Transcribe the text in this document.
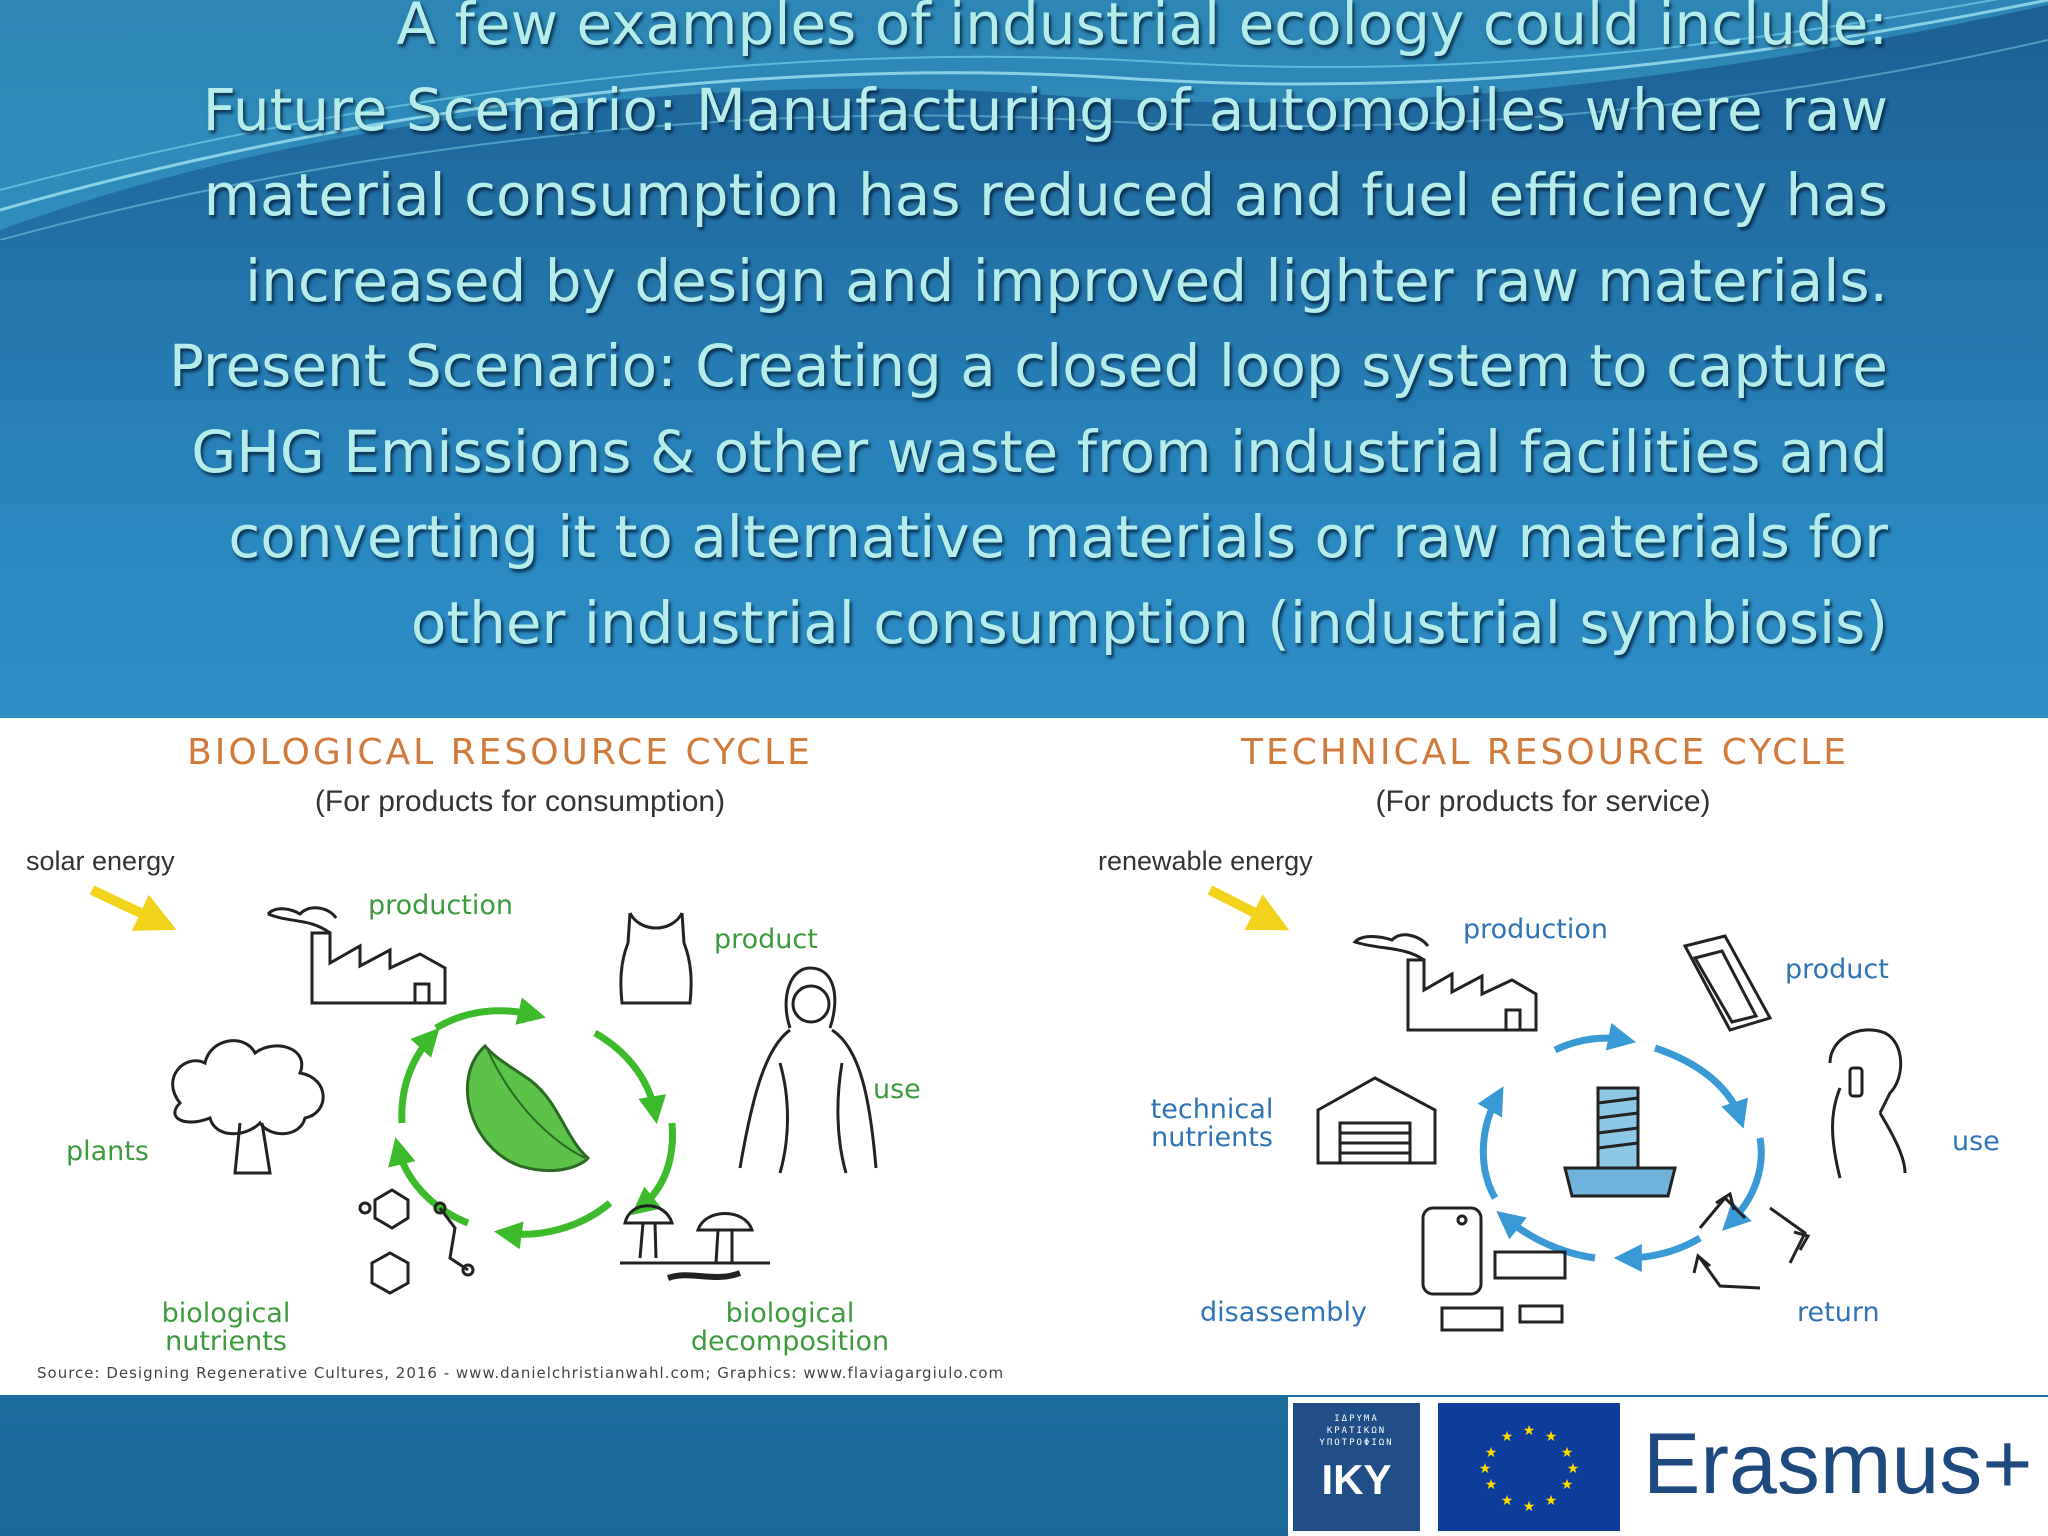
A few examples of industrial ecology could include:
Future Scenario: Manufacturing of automobiles where raw
material consumption has reduced and fuel efficiency has
increased by design and improved lighter raw materials.
Present Scenario: Creating a closed loop system to capture
GHG Emissions & other waste from industrial facilities and
converting it to alternative materials or raw materials for
other industrial consumption (industrial symbiosis)
BIOLOGICAL RESOURCE CYCLE
(For products for consumption)
solar energy
production
product
use
plants
biological
nutrients
biological
decomposition
TECHNICAL RESOURCE CYCLE
(For products for service)
renewable energy
production
product
use
technical
nutrients
disassembly	return
Source: Designing Regenerative Cultures, 2016 - www.danielchristianwahl.com; Graphics: www.flaviagargiulo.com
ΙΔΡΥΜΑ
ΚΡΑΤΙΚΩΝ
ΥΠΟΤΡΟΦΙΩΝ
IKY
★ ★
★
★
★
★
★
★
★
★
★
★ Erasmus+
